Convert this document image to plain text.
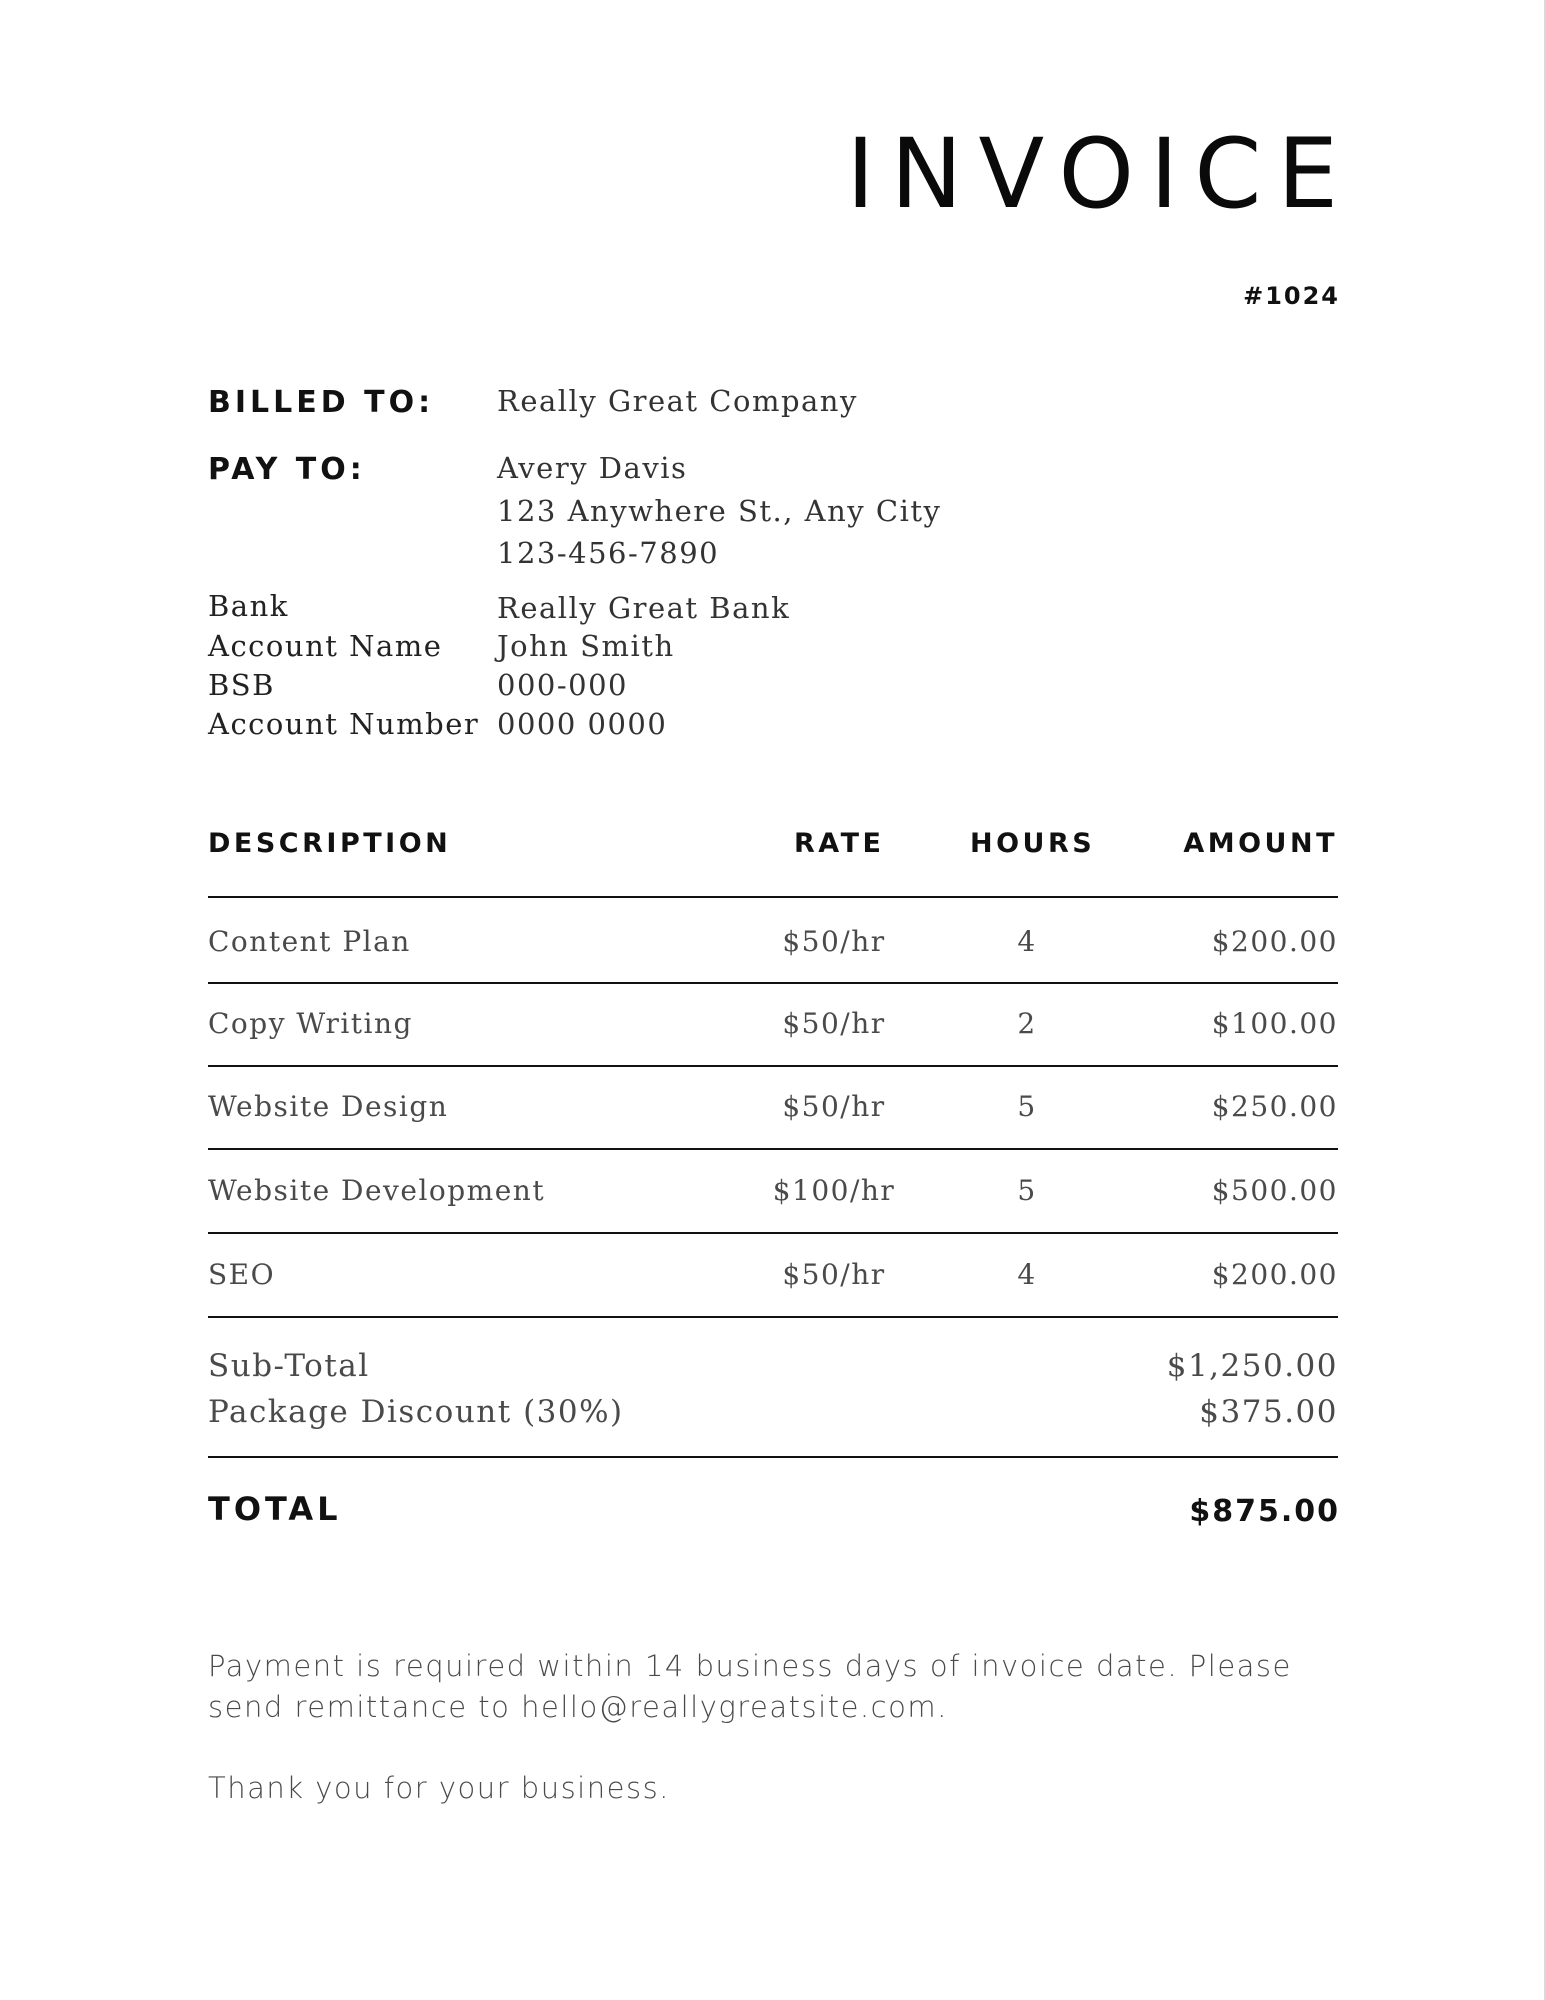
INVOICE
#1024
BILLED TO: Really Great Company
PAY TO:	Avery Davis
123 Anywhere St., Any City
123-456-7890
Bank	Really Great Bank
Account Name John Smith
BSB	000-000
Account Number 0000 0000
DESCRIPTION	RATE	HOURS	AMOUNT
Content Plan	$50/hr	4	$200.00
Copy Writing	$50/hr	2	$100.00
Website Design	$50/hr	5	$250.00
Website Development	$100/hr	5	$500.00
SEO	$50/hr	4	$200.00
Sub-Total	$1,250.00
Package Discount (30%)	$375.00
TOTAL	$875.00
Payment is required within 14 business days of invoice date. Please send remittance to hello@reallygreatsite.com.
Thank you for your business.
